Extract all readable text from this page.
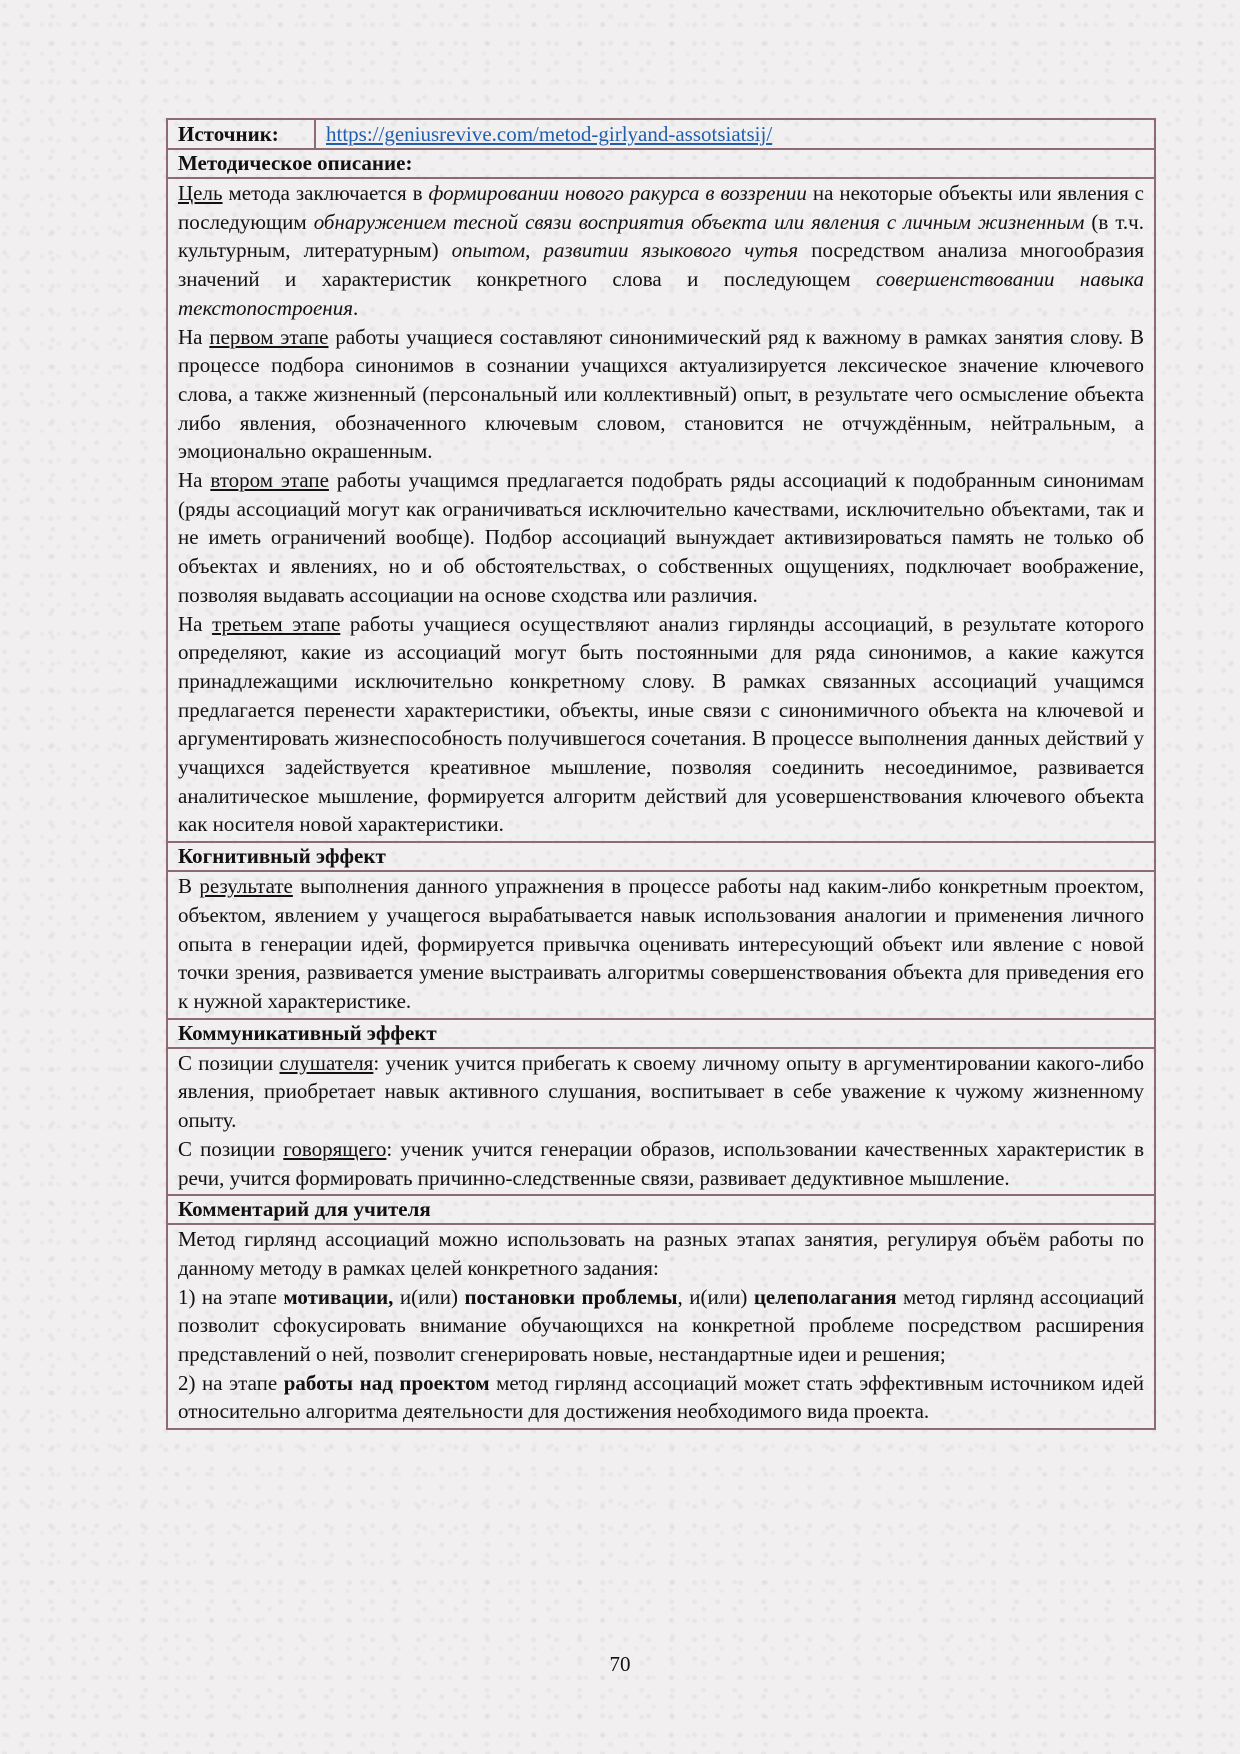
Источник:	https://geniusrevive.com/metod-girlyand-assotsiatsij/
Методическое описание:

Цель метода заключается в формировании нового ракурса в воззрении на некоторые объекты или явления с последующим обнаружением тесной связи восприятия объекта или явления с личным жизненным (в т.ч. культурным, литературным) опытом, развитии языкового чутья посредством анализа многообразия значений и характеристик конкретного слова и последующем совершенствовании навыка текстопостроения.

На первом этапе работы учащиеся составляют синонимический ряд к важному в рамках занятия слову. В процессе подбора синонимов в сознании учащихся актуализируется лексическое значение ключевого слова, а также жизненный (персональный или коллективный) опыт, в результате чего осмысление объекта либо явления, обозначенного ключевым словом, становится не отчуждённым, нейтральным, а эмоционально окрашенным.

На втором этапе работы учащимся предлагается подобрать ряды ассоциаций к подобранным синонимам (ряды ассоциаций могут как ограничиваться исключительно качествами, исключительно объектами, так и не иметь ограничений вообще). Подбор ассоциаций вынуждает активизироваться память не только об объектах и явлениях, но и об обстоятельствах, о собственных ощущениях, подключает воображение, позволяя выдавать ассоциации на основе сходства или различия.

На третьем этапе работы учащиеся осуществляют анализ гирлянды ассоциаций, в результате которого определяют, какие из ассоциаций могут быть постоянными для ряда синонимов, а какие кажутся принадлежащими исключительно конкретному слову. В рамках связанных ассоциаций учащимся предлагается перенести характеристики, объекты, иные связи с синонимичного объекта на ключевой и аргументировать жизнеспособность получившегося сочетания. В процессе выполнения данных действий у учащихся задействуется креативное мышление, позволяя соединить несоединимое, развивается аналитическое мышление, формируется алгоритм действий для усовершенствования ключевого объекта как носителя новой характеристики.

Когнитивный эффект

В результате выполнения данного упражнения в процессе работы над каким-либо конкретным проектом, объектом, явлением у учащегося вырабатывается навык использования аналогии и применения личного опыта в генерации идей, формируется привычка оценивать интересующий объект или явление с новой точки зрения, развивается умение выстраивать алгоритмы совершенствования объекта для приведения его к нужной характеристике.

Коммуникативный эффект

С позиции слушателя: ученик учится прибегать к своему личному опыту в аргументировании какого-либо явления, приобретает навык активного слушания, воспитывает в себе уважение к чужому жизненному опыту.

С позиции говорящего: ученик учится генерации образов, использовании качественных характеристик в речи, учится формировать причинно-следственные связи, развивает дедуктивное мышление.

Комментарий для учителя

Метод гирлянд ассоциаций можно использовать на разных этапах занятия, регулируя объём работы по данному методу в рамках целей конкретного задания:

1) на этапе мотивации, и(или) постановки проблемы, и(или) целеполагания метод гирлянд ассоциаций позволит сфокусировать внимание обучающихся на конкретной проблеме посредством расширения представлений о ней, позволит сгенерировать новые, нестандартные идеи и решения;

2) на этапе работы над проектом метод гирлянд ассоциаций может стать эффективным источником идей относительно алгоритма деятельности для достижения необходимого вида проекта.

70
